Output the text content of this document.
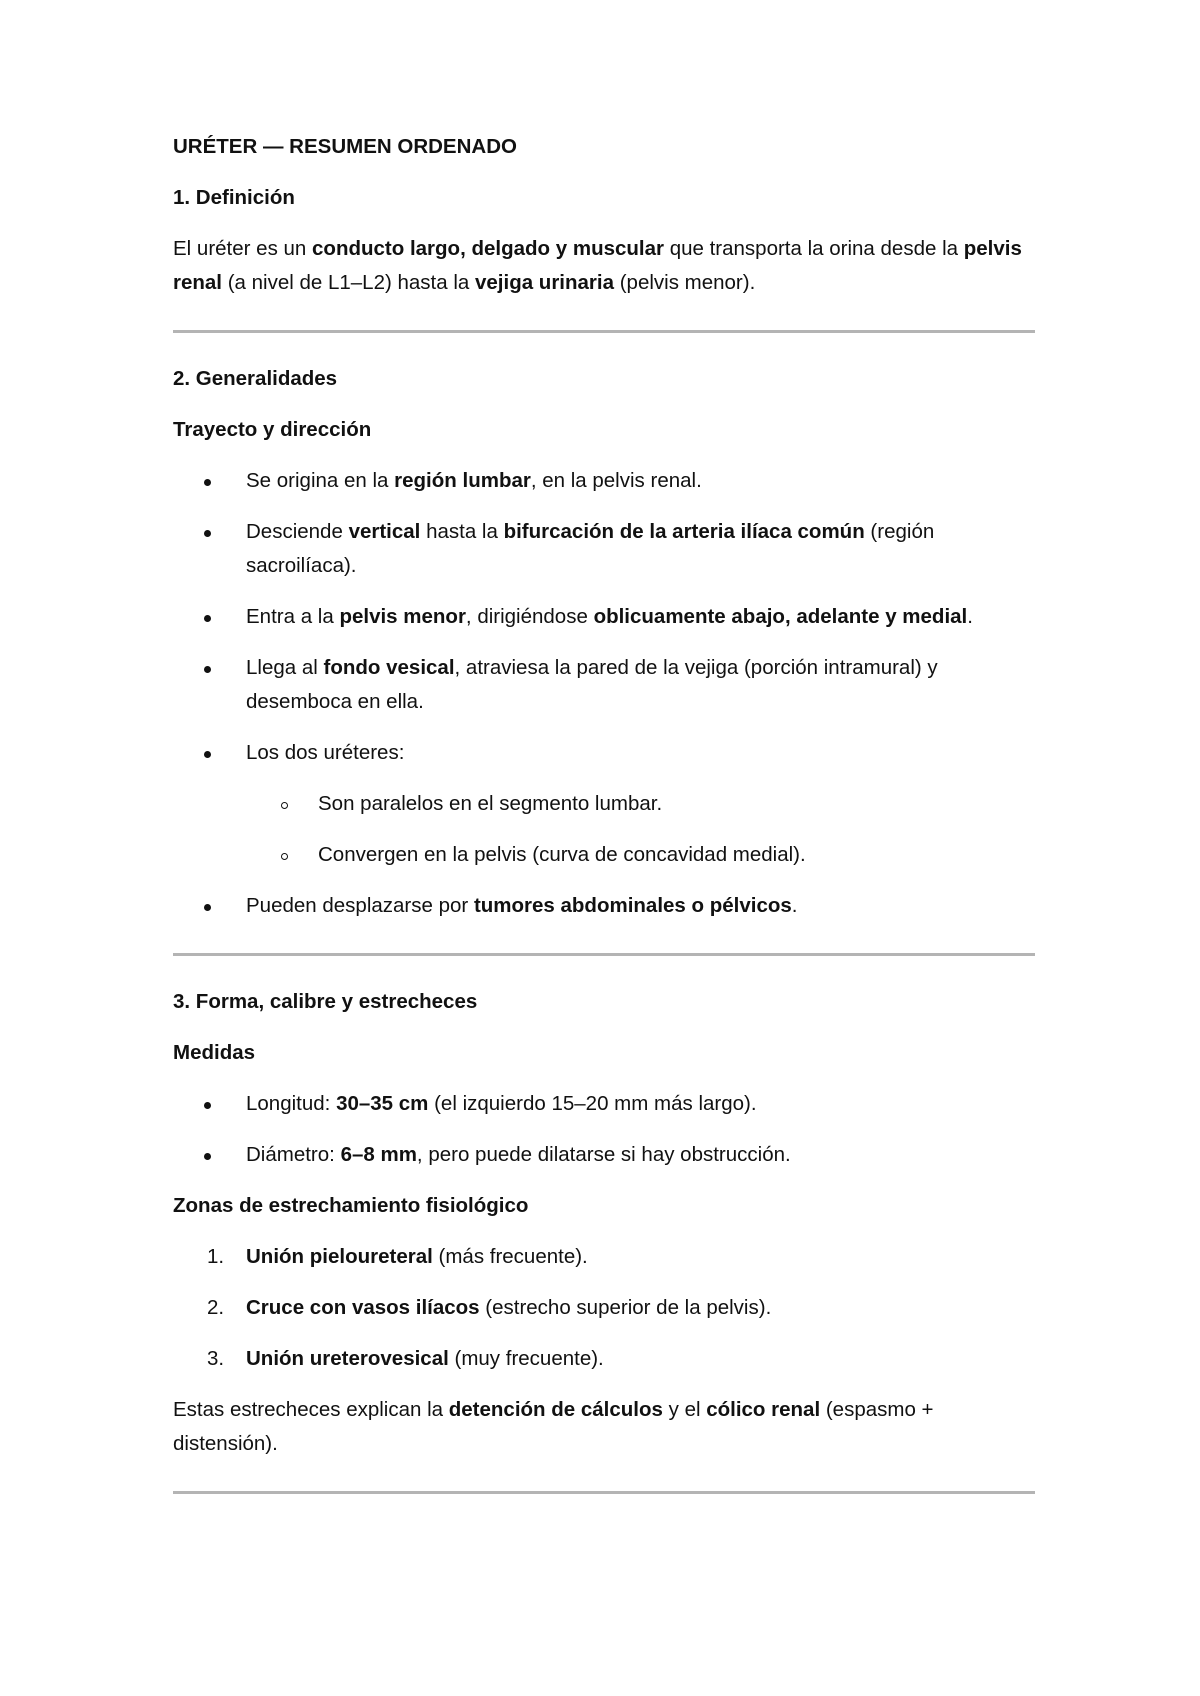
URÉTER — RESUMEN ORDENADO

1. Definición

El uréter es un conducto largo, delgado y muscular que transporta la orina desde la pelvis renal (a nivel de L1–L2) hasta la vejiga urinaria (pelvis menor).

2. Generalidades

Trayecto y dirección

Se origina en la región lumbar, en la pelvis renal.
Desciende vertical hasta la bifurcación de la arteria ilíaca común (región sacroilíaca).
Entra a la pelvis menor, dirigiéndose oblicuamente abajo, adelante y medial.
Llega al fondo vesical, atraviesa la pared de la vejiga (porción intramural) y desemboca en ella.
Los dos uréteres:
Son paralelos en el segmento lumbar.
Convergen en la pelvis (curva de concavidad medial).
Pueden desplazarse por tumores abdominales o pélvicos.

3. Forma, calibre y estrecheces

Medidas

Longitud: 30–35 cm (el izquierdo 15–20 mm más largo).
Diámetro: 6–8 mm, pero puede dilatarse si hay obstrucción.

Zonas de estrechamiento fisiológico

1. Unión pieloureteral (más frecuente).
2. Cruce con vasos ilíacos (estrecho superior de la pelvis).
3. Unión ureterovesical (muy frecuente).

Estas estrecheces explican la detención de cálculos y el cólico renal (espasmo + distensión).
